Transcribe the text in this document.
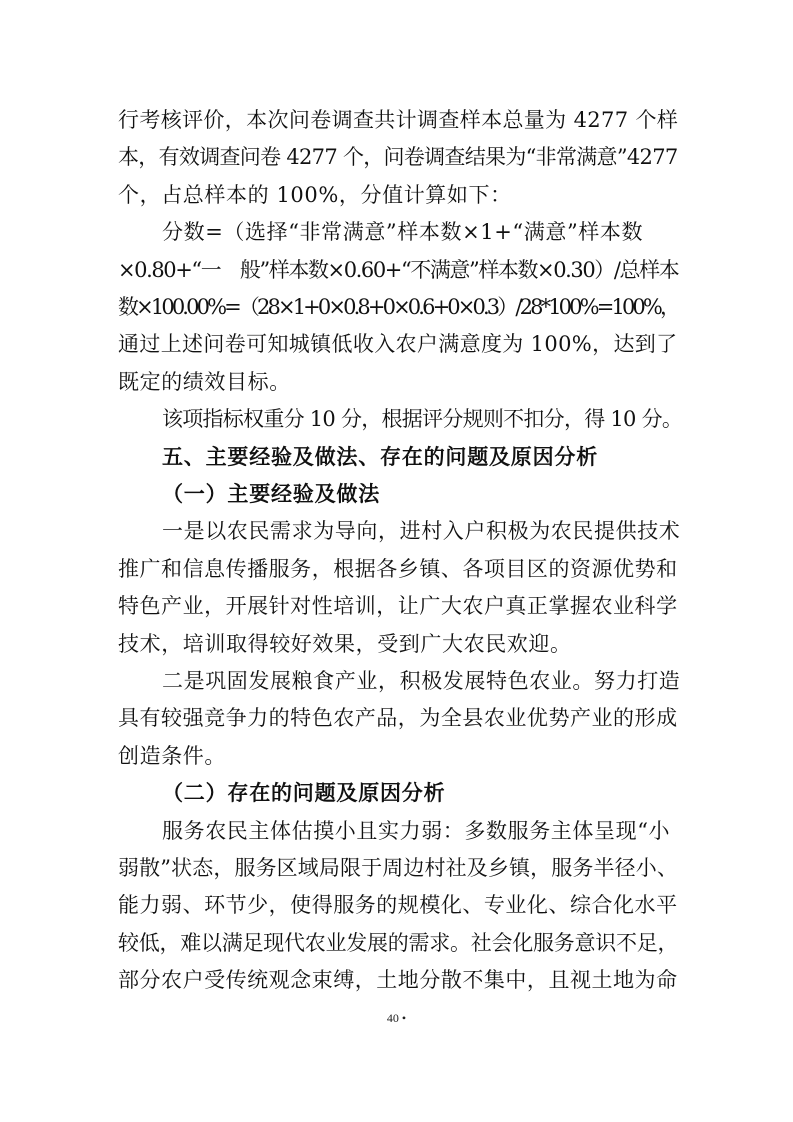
行考核评价，本次问卷调查共计调查样本总量为 4277 个样
本，有效调查问卷 4277 个，问卷调查结果为“非常满意”4277
个，占总样本的 100%，分值计算如下：
分数=（选择“非常满意”样本数×1+“满意”样本数
×0.80+“一　般”样本数×0.60+“不满意”样本数×0.30）/总样本
数×100.00%=（28×1+0×0.8+0×0.6+0×0.3）/28*100%=100%，
通过上述问卷可知城镇低收入农户满意度为 100%，达到了
既定的绩效目标。
该项指标权重分 10 分，根据评分规则不扣分，得 10 分。
五、主要经验及做法、存在的问题及原因分析
（一）主要经验及做法
一是以农民需求为导向，进村入户积极为农民提供技术
推广和信息传播服务，根据各乡镇、各项目区的资源优势和
特色产业，开展针对性培训，让广大农户真正掌握农业科学
技术，培训取得较好效果，受到广大农民欢迎。
二是巩固发展粮食产业，积极发展特色农业。努力打造
具有较强竞争力的特色农产品，为全县农业优势产业的形成
创造条件。
（二）存在的问题及原因分析
服务农民主体估摸小且实力弱：多数服务主体呈现“小
弱散”状态，服务区域局限于周边村社及乡镇，服务半径小、
能力弱、环节少，使得服务的规模化、专业化、综合化水平
较低，难以满足现代农业发展的需求。社会化服务意识不足，
部分农户受传统观念束缚，土地分散不集中，且视土地为命
40 •
